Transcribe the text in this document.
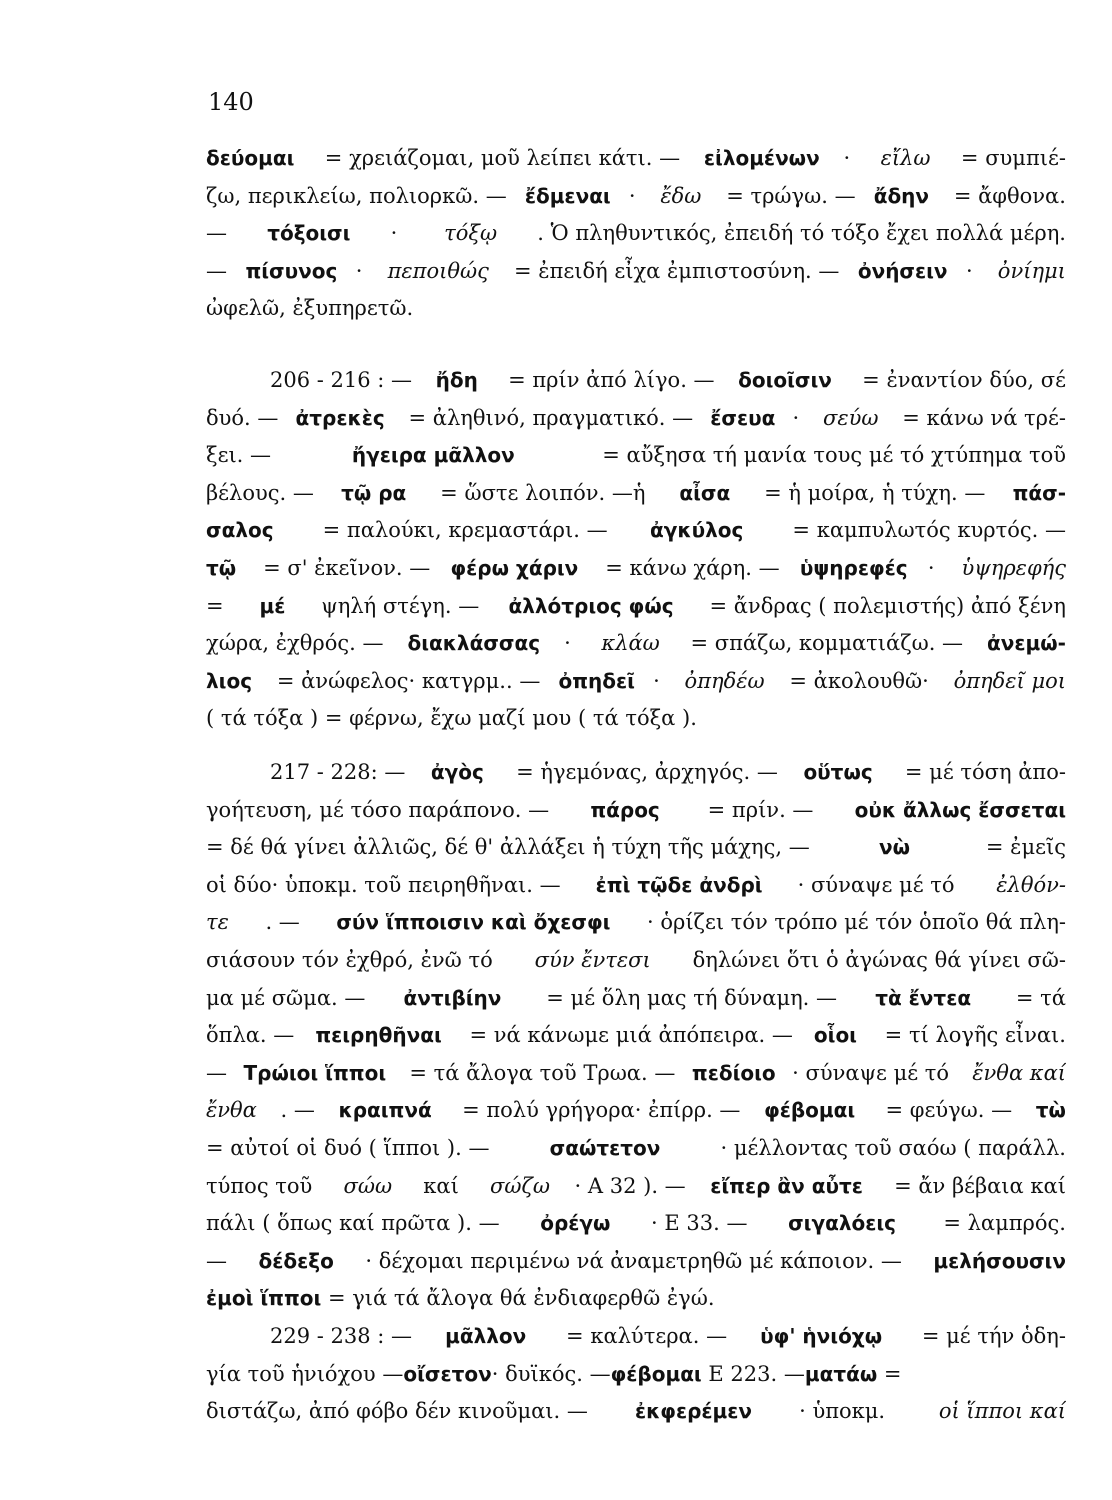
140
δεύομαι = χρειάζομαι, μοῦ λείπει κάτι. — εἰλομένων · εἴλω = συμπιέ-
ζω, περικλείω, πολιορκῶ. — ἔδμεναι · ἔδω = τρώγω. — ἄδην = ἄφθονα.
— τόξοισι · τόξῳ . Ὁ πληθυντικός, ἐπειδή τό τόξο ἔχει πολλά μέρη.
— πίσυνος · πεποιθώς = ἐπειδή εἶχα ἐμπιστοσύνη. — ὀνήσειν · ὀνίημι
ὠφελῶ, ἐξυπηρετῶ.
206 - 216 : — ἤδη = πρίν ἀπό λίγο. — δοιοῖσιν = ἐναντίον δύο, σέ
δυό. — ἀτρεκὲς = ἀληθινό, πραγματικό. — ἔσευα · σεύω = κάνω νά τρέ-
ξει. —	ἤγειρα μᾶλλον	= αὔξησα τή μανία τους μέ τό χτύπημα τοῦ
βέλους. — τῷ ρα = ὥστε λοιπόν. —ἡ αἶσα = ἡ μοίρα, ἡ τύχη. — πάσ-
σαλος = παλούκι, κρεμαστάρι. — ἀγκύλος = καμπυλωτός κυρτός. —
τῷ = σ' ἐκεῖνον. — φέρω χάριν = κάνω χάρη. — ὑψηρεφές · ὑψηρεφής
= μέ ψηλή στέγη. — ἀλλότριος φώς = ἄνδρας ( πολεμιστής) ἀπό ξένη
χώρα, ἐχθρός. — διακλάσσας · κλάω = σπάζω, κομματιάζω. — ἀνεμώ-
λιος = ἀνώφελος· κατγρμ.. — ὀπηδεῖ · ὀπηδέω = ἀκολουθῶ· ὀπηδεῖ μοι
( τά τόξα ) = φέρνω, ἔχω μαζί μου ( τά τόξα ).
217 - 228: — ἀγὸς = ἡγεμόνας, ἀρχηγός. — οὕτως = μέ τόση ἀπο-
γοήτευση, μέ τόσο παράπονο. — πάρος = πρίν. — οὐκ ἄλλως ἔσσεται
= δέ θά γίνει ἀλλιῶς, δέ θ' ἀλλάξει ἡ τύχη τῆς μάχης, —	νὼ	= ἐμεῖς
οἱ δύο· ὑποκμ. τοῦ πειρηθῆναι. — ἐπὶ τῷδε ἀνδρὶ · σύναψε μέ τό ἐλθόν-
τε . — σύν ἵπποισιν καὶ ὄχεσφι · ὁρίζει τόν τρόπο μέ τόν ὁποῖο θά πλη-
σιάσουν τόν ἐχθρό, ἐνῶ τό σύν ἔντεσι δηλώνει ὅτι ὁ ἀγώνας θά γίνει σῶ-
μα μέ σῶμα. — ἀντιβίην = μέ ὅλη μας τή δύναμη. — τὰ ἔντεα = τά
ὅπλα. — πειρηθῆναι = νά κάνωμε μιά ἀπόπειρα. — οἷοι = τί λογῆς εἶναι.
— Τρώιοι ἵπποι = τά ἄλογα τοῦ Τρωα. — πεδίοιο · σύναψε μέ τό ἔνθα καί
ἔνθα . — κραιπνά = πολύ γρήγορα· ἐπίρρ. — φέβομαι = φεύγω. — τὼ
= αὐτοί οἱ δυό ( ἵπποι ). —	σαώτετον	· μέλλοντας τοῦ σαόω ( παράλλ.
τύπος τοῦ σώω καί σώζω · Α 32 ). — εἴπερ ἂν αὖτε = ἄν βέβαια καί
πάλι ( ὅπως καί πρῶτα ). — ὀρέγω · Ε 33. — σιγαλόεις = λαμπρός.
— δέδεξο · δέχομαι περιμένω νά ἀναμετρηθῶ μέ κάποιον. — μελήσουσιν
ἐμοὶ ἵπποι = γιά τά ἄλογα θά ἐνδιαφερθῶ ἐγώ.
229 - 238 : — μᾶλλον = καλύτερα. — ὑφ' ἡνιόχῳ = μέ τήν ὁδη-
γία τοῦ ἡνιόχου —οἴσετον· δυϊκός. —φέβομαι Ε 223. —ματάω =
διστάζω, ἀπό φόβο δέν κινοῦμαι. — ἐκφερέμεν · ὑποκμ. οἱ ἵπποι καί
